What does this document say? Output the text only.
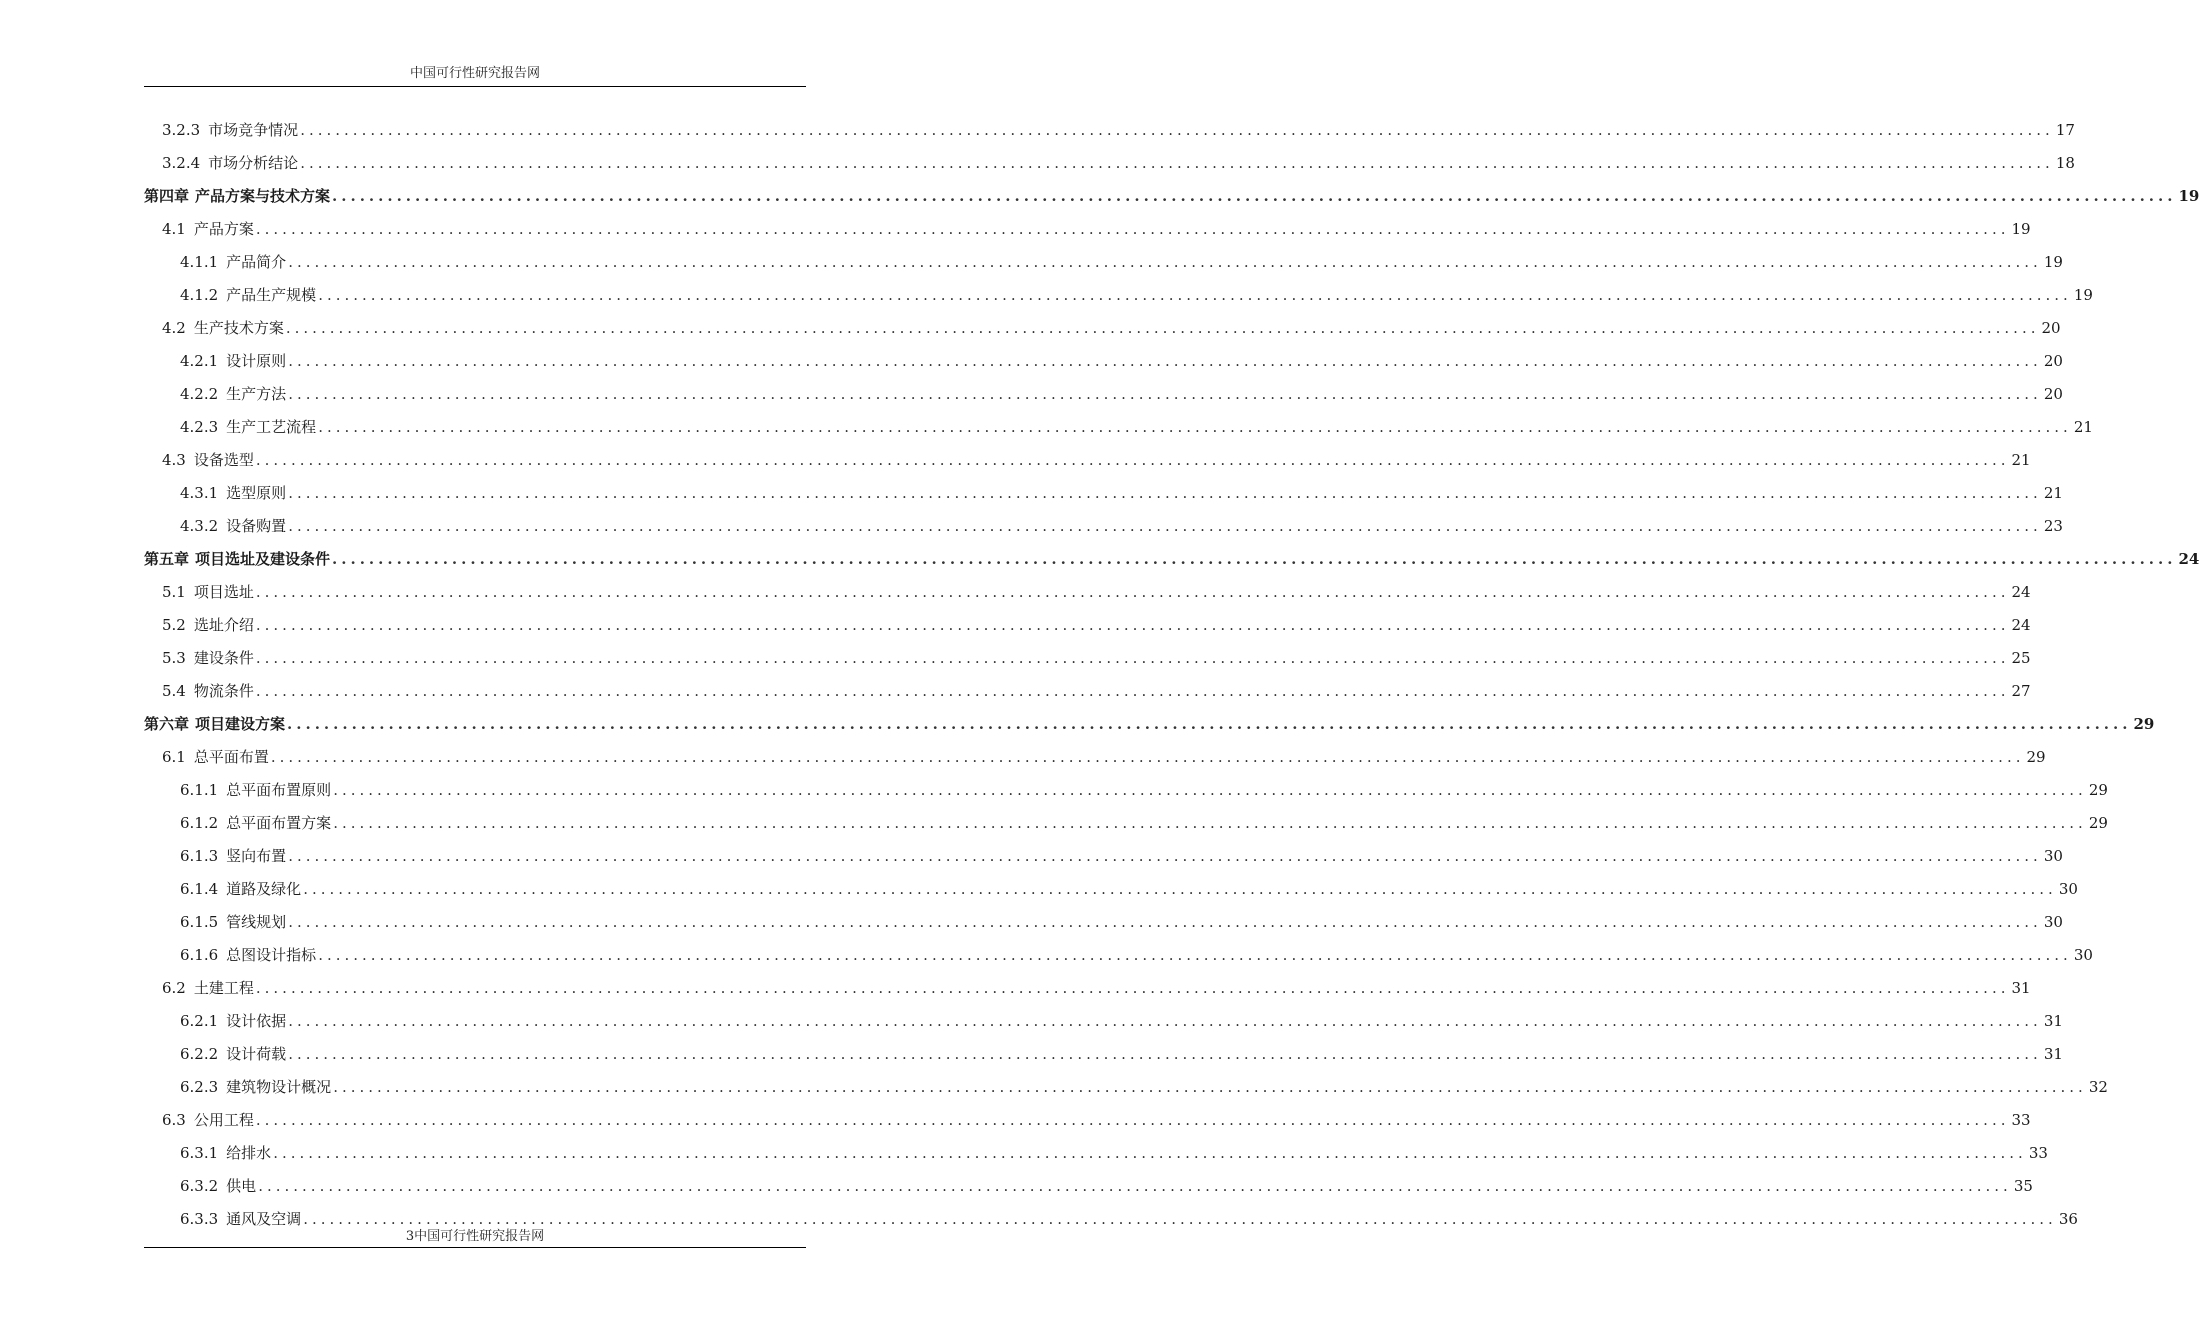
中国可行性研究报告网
3.2.3 市场竞争情况 ........................................................................................................................................................................................................ 17
3.2.4 市场分析结论 ........................................................................................................................................................................................................ 18
第四章 产品方案与技术方案 ........................................................................................................................................................................................................ 19
4.1 产品方案 ........................................................................................................................................................................................................ 19
4.1.1 产品简介 ........................................................................................................................................................................................................ 19
4.1.2 产品生产规模 ........................................................................................................................................................................................................ 19
4.2 生产技术方案 ........................................................................................................................................................................................................ 20
4.2.1 设计原则 ........................................................................................................................................................................................................ 20
4.2.2 生产方法 ........................................................................................................................................................................................................ 20
4.2.3 生产工艺流程 ........................................................................................................................................................................................................ 21
4.3 设备选型 ........................................................................................................................................................................................................ 21
4.3.1 选型原则 ........................................................................................................................................................................................................ 21
4.3.2 设备购置 ........................................................................................................................................................................................................ 23
第五章 项目选址及建设条件 ........................................................................................................................................................................................................ 24
5.1 项目选址 ........................................................................................................................................................................................................ 24
5.2 选址介绍 ........................................................................................................................................................................................................ 24
5.3 建设条件 ........................................................................................................................................................................................................ 25
5.4 物流条件 ........................................................................................................................................................................................................ 27
第六章 项目建设方案 ........................................................................................................................................................................................................ 29
6.1 总平面布置 ........................................................................................................................................................................................................ 29
6.1.1 总平面布置原则 ........................................................................................................................................................................................................ 29
6.1.2 总平面布置方案 ........................................................................................................................................................................................................ 29
6.1.3 竖向布置 ........................................................................................................................................................................................................ 30
6.1.4 道路及绿化 ........................................................................................................................................................................................................ 30
6.1.5 管线规划 ........................................................................................................................................................................................................ 30
6.1.6 总图设计指标 ........................................................................................................................................................................................................ 30
6.2 土建工程 ........................................................................................................................................................................................................ 31
6.2.1 设计依据 ........................................................................................................................................................................................................ 31
6.2.2 设计荷载 ........................................................................................................................................................................................................ 31
6.2.3 建筑物设计概况 ........................................................................................................................................................................................................ 32
6.3 公用工程 ........................................................................................................................................................................................................ 33
6.3.1 给排水 ........................................................................................................................................................................................................ 33
6.3.2 供电 ........................................................................................................................................................................................................ 35
6.3.3 通风及空调 ........................................................................................................................................................................................................ 36
3中国可行性研究报告网
